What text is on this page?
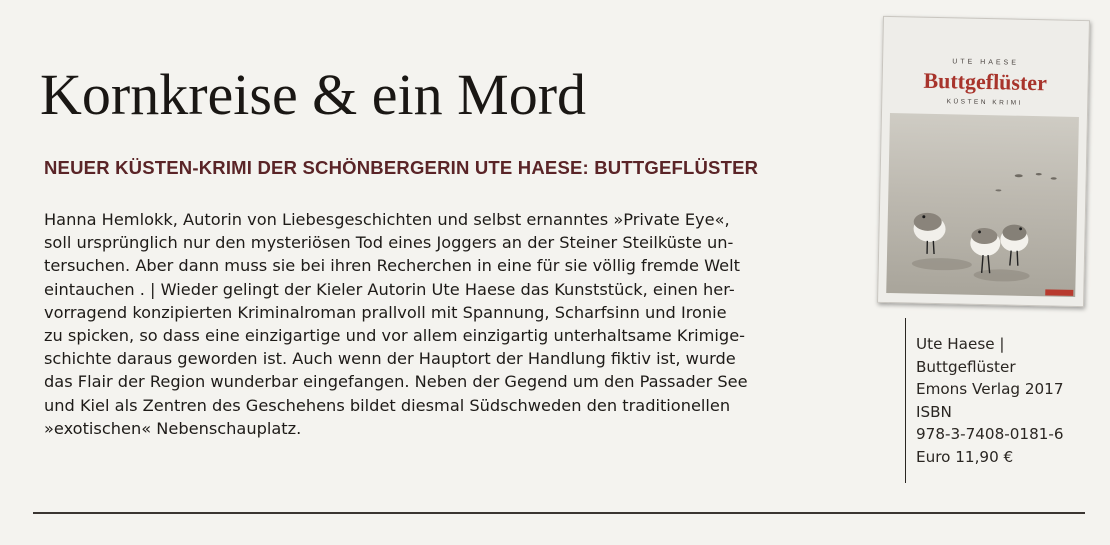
Kornkreise & ein Mord
NEUER KÜSTEN-KRIMI DER SCHÖNBERGERIN UTE HAESE: BUTTGEFLÜSTER

Hanna Hemlokk, Autorin von Liebesgeschichten und selbst ernanntes »Private Eye«,
soll ursprünglich nur den mysteriösen Tod eines Joggers an der Steiner Steilküste un-
tersuchen. Aber dann muss sie bei ihren Recherchen in eine für sie völlig fremde Welt
eintauchen . | Wieder gelingt der Kieler Autorin Ute Haese das Kunststück, einen her-
vorragend konzipierten Kriminalroman prallvoll mit Spannung, Scharfsinn und Ironie
zu spicken, so dass eine einzigartige und vor allem einzigartig unterhaltsame Krimige-
schichte daraus geworden ist. Auch wenn der Hauptort der Handlung fiktiv ist, wurde
das Flair der Region wunderbar eingefangen. Neben der Gegend um den Passader See
und Kiel als Zentren des Geschehens bildet diesmal Südschweden den traditionellen
»exotischen« Nebenschauplatz.

UTE HAESE
Buttgeflüster
KÜSTEN KRIMI
Ute Haese |
Buttgeflüster
Emons Verlag 2017
ISBN
978-3-7408-0181-6
Euro 11,90 €
